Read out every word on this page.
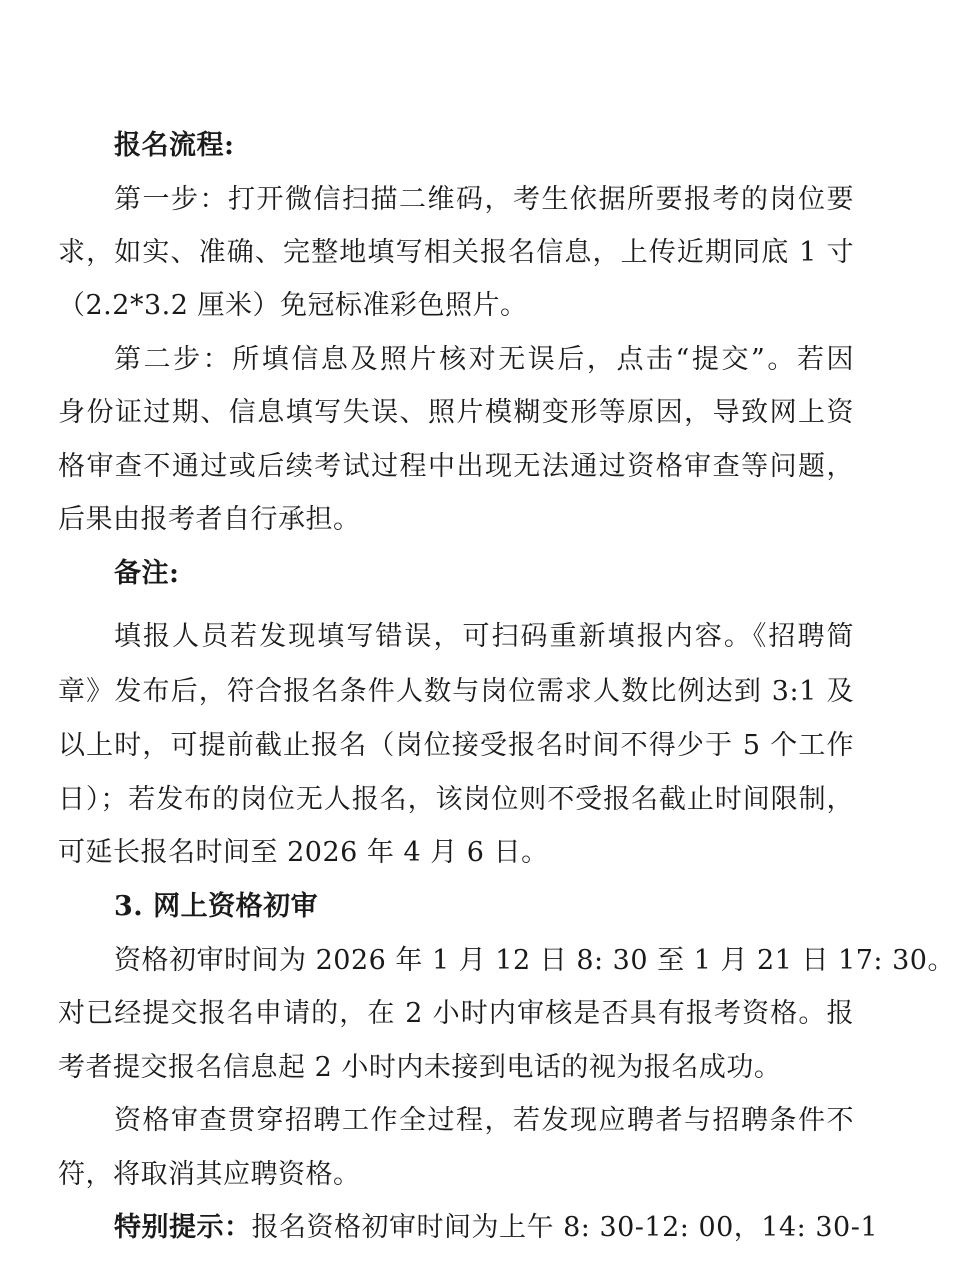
报名流程:
第一步：打开微信扫描二维码，考生依据所要报考的岗位要
求，如实、准确、完整地填写相关报名信息，上传近期同底 1 寸
（2.2*3.2 厘米）免冠标准彩色照片。
第二步：所填信息及照片核对无误后，点击“提交”。若因
身份证过期、信息填写失误、照片模糊变形等原因，导致网上资
格审查不通过或后续考试过程中出现无法通过资格审查等问题，
后果由报考者自行承担。
备注:
填报人员若发现填写错误，可扫码重新填报内容。《招聘简
章》发布后，符合报名条件人数与岗位需求人数比例达到 3:1 及
以上时，可提前截止报名（岗位接受报名时间不得少于 5 个工作
日）；若发布的岗位无人报名，该岗位则不受报名截止时间限制，
可延长报名时间至 2026 年 4 月 6 日。
3. 网上资格初审
资格初审时间为 2026 年 1 月 12 日 8: 30 至 1 月 21 日 17: 30。
对已经提交报名申请的，在 2 小时内审核是否具有报考资格。报
考者提交报名信息起 2 小时内未接到电话的视为报名成功。
资格审查贯穿招聘工作全过程，若发现应聘者与招聘条件不
符，将取消其应聘资格。
特别提示：报名资格初审时间为上午 8: 30-12: 00，14: 30-1
